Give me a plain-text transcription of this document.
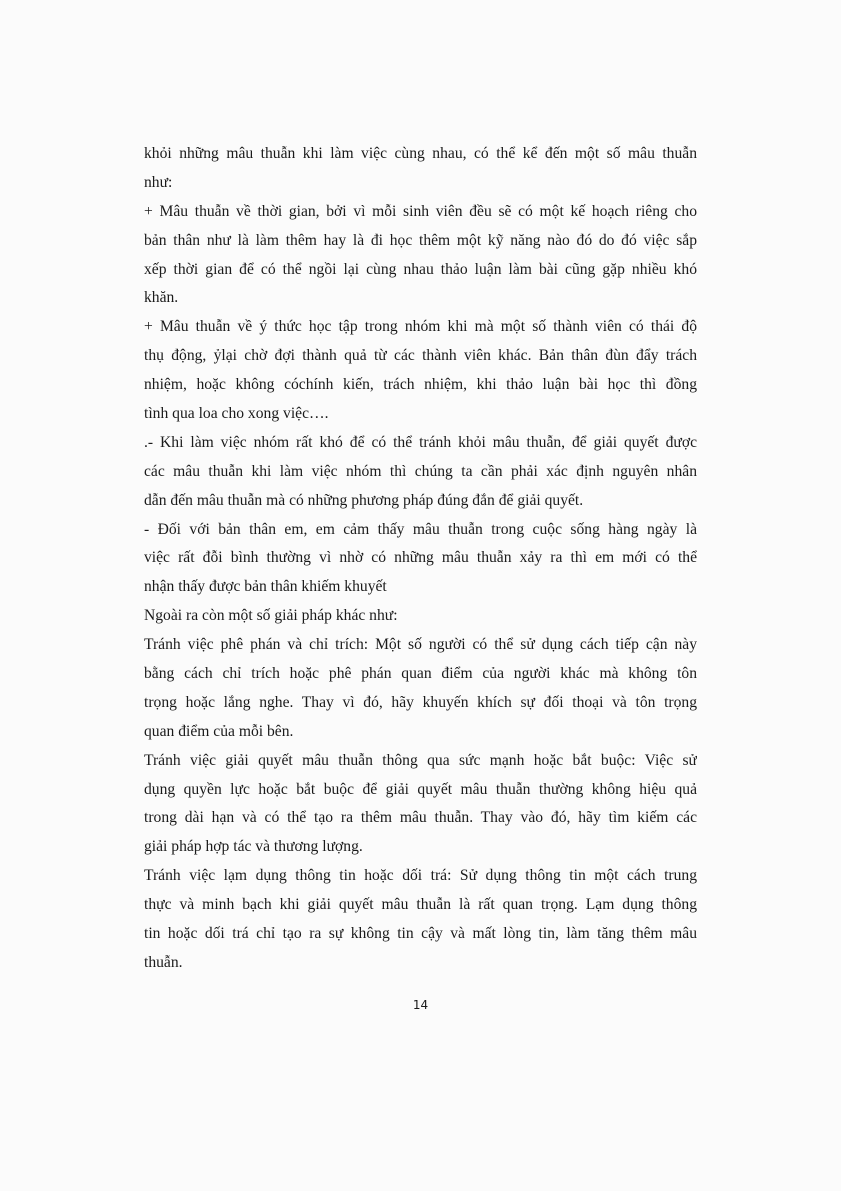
khỏi những mâu thuẫn khi làm việc cùng nhau, có thể kể đến một số mâu thuẫn
như:
+ Mâu thuẫn về thời gian, bởi vì mỗi sinh viên đều sẽ có một kế hoạch riêng cho
bản thân như là làm thêm hay là đi học thêm một kỹ năng nào đó do đó việc sắp
xếp thời gian để có thể ngồi lại cùng nhau thảo luận làm bài cũng gặp nhiều khó
khăn.
+ Mâu thuẫn về ý thức học tập trong nhóm khi mà một số thành viên có thái độ
thụ động, ỷlại chờ đợi thành quả từ các thành viên khác. Bản thân đùn đẩy trách
nhiệm, hoặc không cóchính kiến, trách nhiệm, khi thảo luận bài học thì đồng
tình qua loa cho xong việc….
.- Khi làm việc nhóm rất khó để có thể tránh khỏi mâu thuẫn, để giải quyết được
các mâu thuẫn khi làm việc nhóm thì chúng ta cần phải xác định nguyên nhân
dẫn đến mâu thuẫn mà có những phương pháp đúng đắn để giải quyết.
- Đối với bản thân em, em cảm thấy mâu thuẫn trong cuộc sống hàng ngày là
việc rất đỗi bình thường vì nhờ có những mâu thuẫn xảy ra thì em mới có thể
nhận thấy được bản thân khiếm khuyết
Ngoài ra còn một số giải pháp khác như:
Tránh việc phê phán và chỉ trích: Một số người có thể sử dụng cách tiếp cận này
bằng cách chỉ trích hoặc phê phán quan điểm của người khác mà không tôn
trọng hoặc lắng nghe. Thay vì đó, hãy khuyến khích sự đối thoại và tôn trọng
quan điểm của mỗi bên.
Tránh việc giải quyết mâu thuẫn thông qua sức mạnh hoặc bắt buộc: Việc sử
dụng quyền lực hoặc bắt buộc để giải quyết mâu thuẫn thường không hiệu quả
trong dài hạn và có thể tạo ra thêm mâu thuẫn. Thay vào đó, hãy tìm kiếm các
giải pháp hợp tác và thương lượng.
Tránh việc lạm dụng thông tin hoặc dối trá: Sử dụng thông tin một cách trung
thực và minh bạch khi giải quyết mâu thuẫn là rất quan trọng. Lạm dụng thông
tin hoặc dối trá chỉ tạo ra sự không tin cậy và mất lòng tin, làm tăng thêm mâu
thuẫn.
14
